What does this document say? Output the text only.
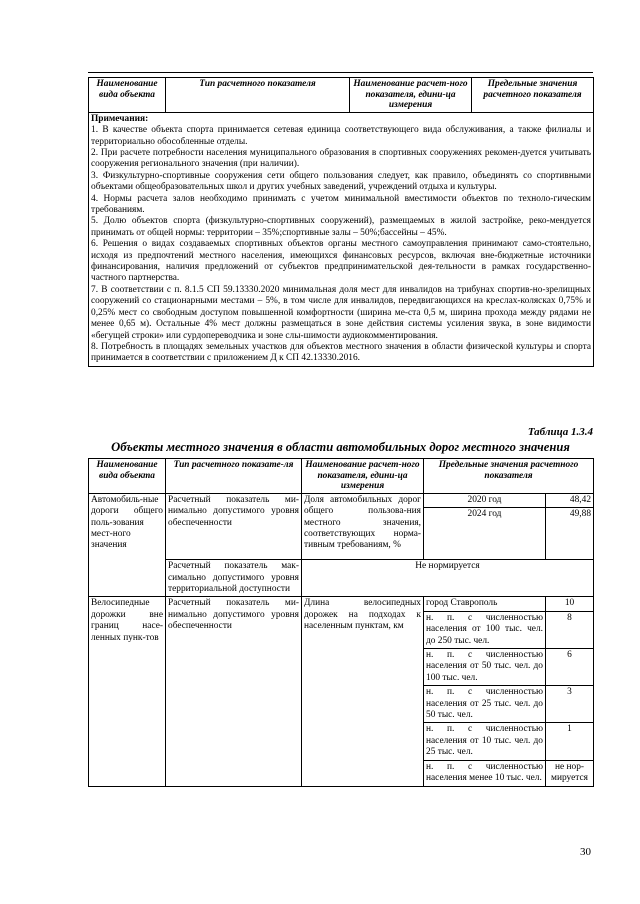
Наименование вида объекта	Тип расчетного показателя	Наименование расчет-ного показателя, едини-ца измерения	Предельные значения расчетного показателя

Примечания:
1. В качестве объекта спорта принимается сетевая единица соответствующего вида обслуживания, а также филиалы и территориально обособленные отделы.
2. При расчете потребности населения муниципального образования в спортивных сооружениях рекомен-дуется учитывать сооружения регионального значения (при наличии).
3. Физкультурно-спортивные сооружения сети общего пользования следует, как правило, объединять со спортивными объектами общеобразовательных школ и других учебных заведений, учреждений отдыха и культуры.
4. Нормы расчета залов необходимо принимать с учетом минимальной вместимости объектов по техноло-гическим требованиям.
5. Долю объектов спорта (физкультурно-спортивных сооружений), размещаемых в жилой застройке, реко-мендуется принимать от общей нормы: территории – 35%;спортивные залы – 50%;бассейны – 45%.
6. Решения о видах создаваемых спортивных объектов органы местного самоуправления принимают само-стоятельно, исходя из предпочтений местного населения, имеющихся финансовых ресурсов, включая вне-бюджетные источники финансирования, наличия предложений от субъектов предпринимательской дея-тельности в рамках государственно-частного партнерства.
7. В соответствии с п. 8.1.5 СП 59.13330.2020 минимальная доля мест для инвалидов на трибунах спортив-но-зрелищных сооружений со стационарными местами – 5%, в том числе для инвалидов, передвигающихся на креслах-колясках 0,75% и 0,25% мест со свободным доступом повышенной комфортности (ширина ме-ста 0,5 м, ширина прохода между рядами не менее 0,65 м). Остальные 4% мест должны размещаться в зоне действия системы усиления звука, в зоне видимости «бегущей строки» или сурдопереводчика и зоне слы-шимости аудиокомментирования.
8. Потребность в площадях земельных участков для объектов местного значения в области физической культуры и спорта принимается в соответствии с приложением Д к СП 42.13330.2016.
Таблица 1.3.4
Объекты местного значения в области автомобильных дорог местного значения
Наименование вида объекта	Тип расчетного показате-ля	Наименование расчет-ного показателя, едини-ца измерения	Предельные значения расчетного показателя	
Автомобиль-ные дороги общего поль-зования мест-ного значения	Расчетный показатель ми-нимально допустимого уровня обеспеченности	Доля автомобильных дорог общего пользова-ния местного значения, соответствующих норма-тивным требованиям, %	2020 год	48,42
			2024 год	49,88
	Расчетный показатель мак-симально допустимого уровня территориальной доступности	Не нормируется		
Велосипедные дорожки вне границ насе-ленных пунк-тов	Расчетный показатель ми-нимально допустимого уровня обеспеченности	Длина велосипедных дорожек на подходах к населенным пунктам, км	город Ставрополь	10
			н. п. с численностью населения от 100 тыс. чел. до 250 тыс. чел.	8
			н. п. с численностью населения от 50 тыс. чел. до 100 тыс. чел.	6
			н. п. с численностью населения от 25 тыс. чел. до 50 тыс. чел.	3
			н. п. с численностью населения от 10 тыс. чел. до 25 тыс. чел.	1
			н. п. с численностью населения менее 10 тыс. чел.	не нор-мируется
30
